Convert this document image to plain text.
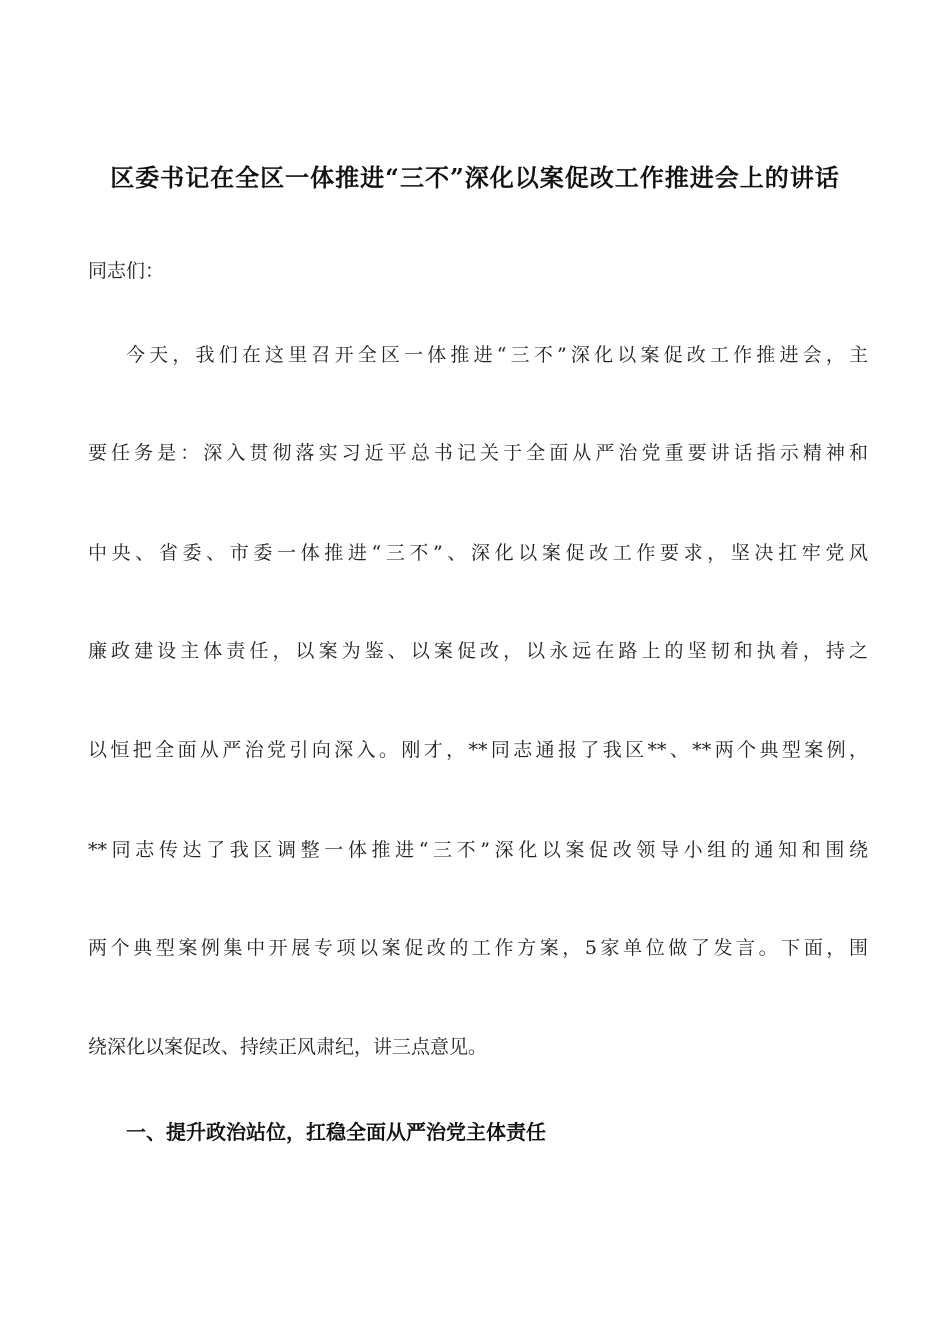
区委书记在全区一体推进“三不”深化以案促改工作推进会上的讲话
同志们：
今天，我们在这里召开全区一体推进“三不”深化以案促改工作推进会，主
要任务是：深入贯彻落实习近平总书记关于全面从严治党重要讲话指示精神和
中央、省委、市委一体推进“三不”、深化以案促改工作要求，坚决扛牢党风
廉政建设主体责任，以案为鉴、以案促改，以永远在路上的坚韧和执着，持之
以恒把全面从严治党引向深入。刚才，**同志通报了我区**、**两个典型案例，
**同志传达了我区调整一体推进“三不”深化以案促改领导小组的通知和围绕
两个典型案例集中开展专项以案促改的工作方案，5家单位做了发言。下面，围
绕深化以案促改、持续正风肃纪，讲三点意见。
一、提升政治站位，扛稳全面从严治党主体责任
